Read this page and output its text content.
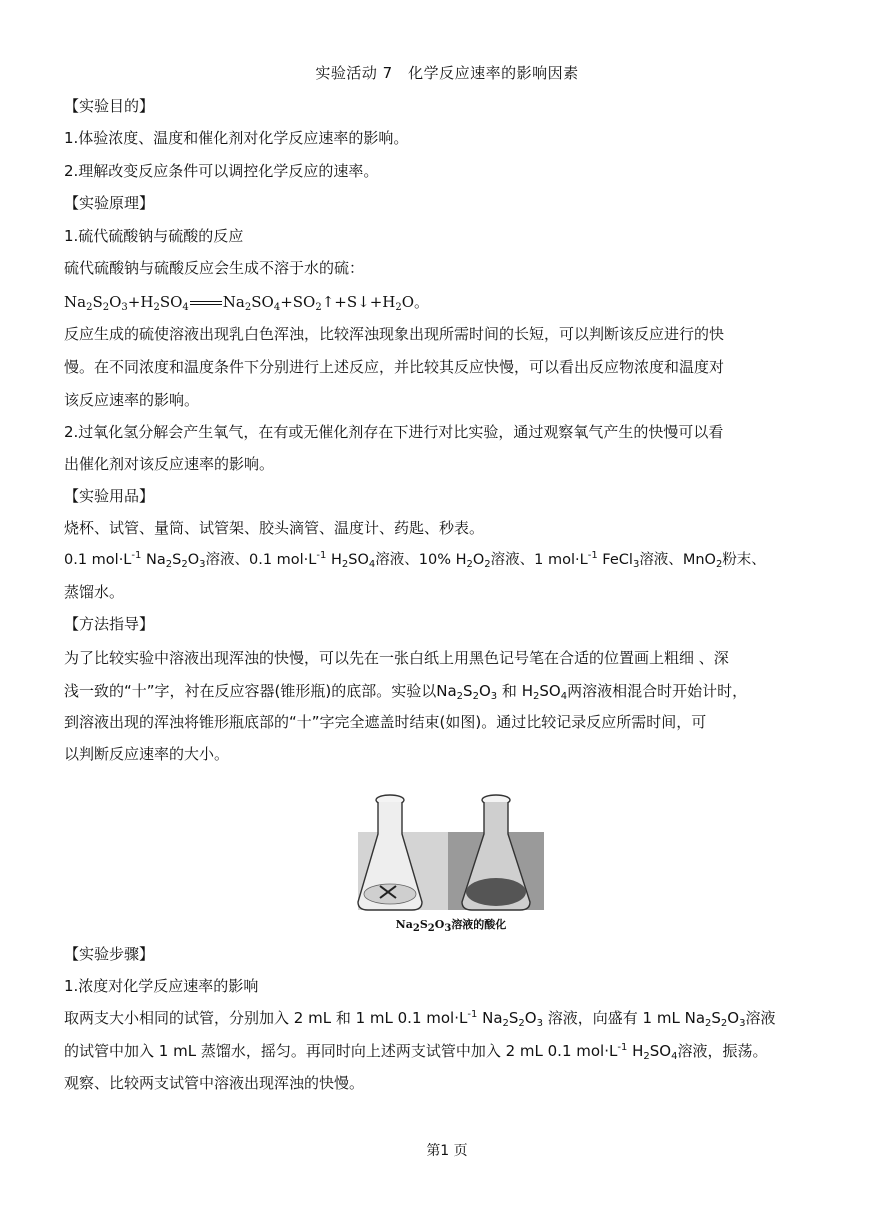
实验活动 7　化学反应速率的影响因素
【实验目的】
1.体验浓度、温度和催化剂对化学反应速率的影响。
2.理解改变反应条件可以调控化学反应的速率。
【实验原理】
1.硫代硫酸钠与硫酸的反应
硫代硫酸钠与硫酸反应会生成不溶于水的硫：
$Na_2S_2O_3+H_2SO_4$ $Na_2SO_4+SO_2↑+S↓+H_2O$。
反应生成的硫使溶液出现乳白色浑浊，比较浑浊现象出现所需时间的长短，可以判断该反应进行的快
慢。在不同浓度和温度条件下分别进行上述反应，并比较其反应快慢，可以看出反应物浓度和温度对
该反应速率的影响。
2.过氧化氢分解会产生氧气，在有或无催化剂存在下进行对比实验，通过观察氧气产生的快慢可以看
出催化剂对该反应速率的影响。
【实验用品】
烧杯、试管、量筒、试管架、胶头滴管、温度计、药匙、秒表。
0.1 $mol\cdot L^{-1}$ $Na_2S_2O_3$溶液、0.1 $mol\cdot L^{-1}$ $H_2SO_4$溶液、10% $H_2O_2$溶液、1 $mol\cdot L^{-1}$ FeCl$_3$溶液、MnO$_2$粉末、
蒸馏水。
【方法指导】
为了比较实验中溶液出现浑浊的快慢，可以先在一张白纸上用黑色记号笔在合适的位置画上粗细 、深
浅一致的“十”字，衬在反应容器(锥形瓶)的底部。实验以$Na_2S_2O_3$ 和 $H_2SO_4$两溶液相混合时开始计时，
到溶液出现的浑浊将锥形瓶底部的“十”字完全遮盖时结束(如图)。通过比较记录反应所需时间，可
以判断反应速率的大小。
$Na_2S_2O_3$溶液的酸化
【实验步骤】
1.浓度对化学反应速率的影响
取两支大小相同的试管，分别加入 2 mL 和 1 mL 0.1 $mol\cdot L^{-1}$ $Na_2S_2O_3$ 溶液，向盛有 1 mL $Na_2S_2O_3$溶液
的试管中加入 1 mL 蒸馏水，摇匀。再同时向上述两支试管中加入 2 mL 0.1 $mol\cdot L^{-1}$ $H_2SO_4$溶液，振荡。
观察、比较两支试管中溶液出现浑浊的快慢。
第1 页
